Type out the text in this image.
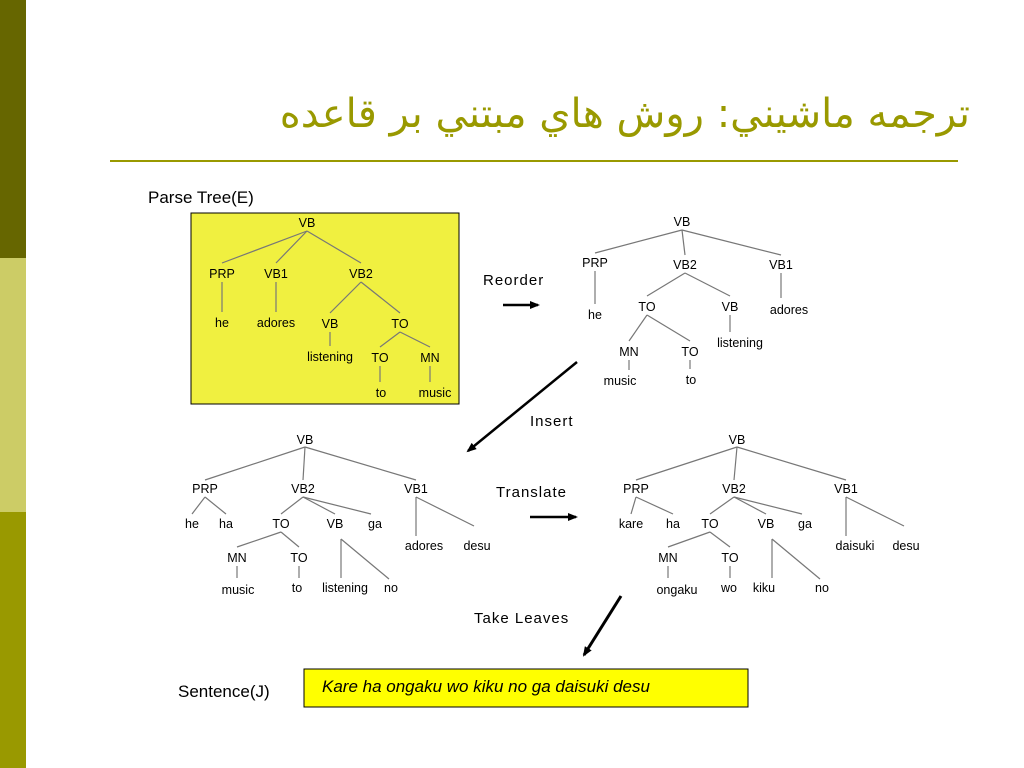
ترجمه ماشيني: روش هاي مبتني بر قاعده
Parse Tree(E)
VB
PRP VB1	VB2
he adores VB	TO
listening TO	MN
to	music
VB
PRP	VB2	VB1
he
TO	VB	adores
MN	TO
listening
music	to
VB
PRP	VB2	VB1
he ha	TO	VB ga
adores desu
MN	TO
music	to listening no
VB
PRP	VB2	VB1
kare ha TO	VB ga
daisuki desu
MN	TO
ongaku wo kiku	no
Reorder
Insert
Translate
Take Leaves
Sentence(J)	Kare ha ongaku wo kiku no ga daisuki desu
